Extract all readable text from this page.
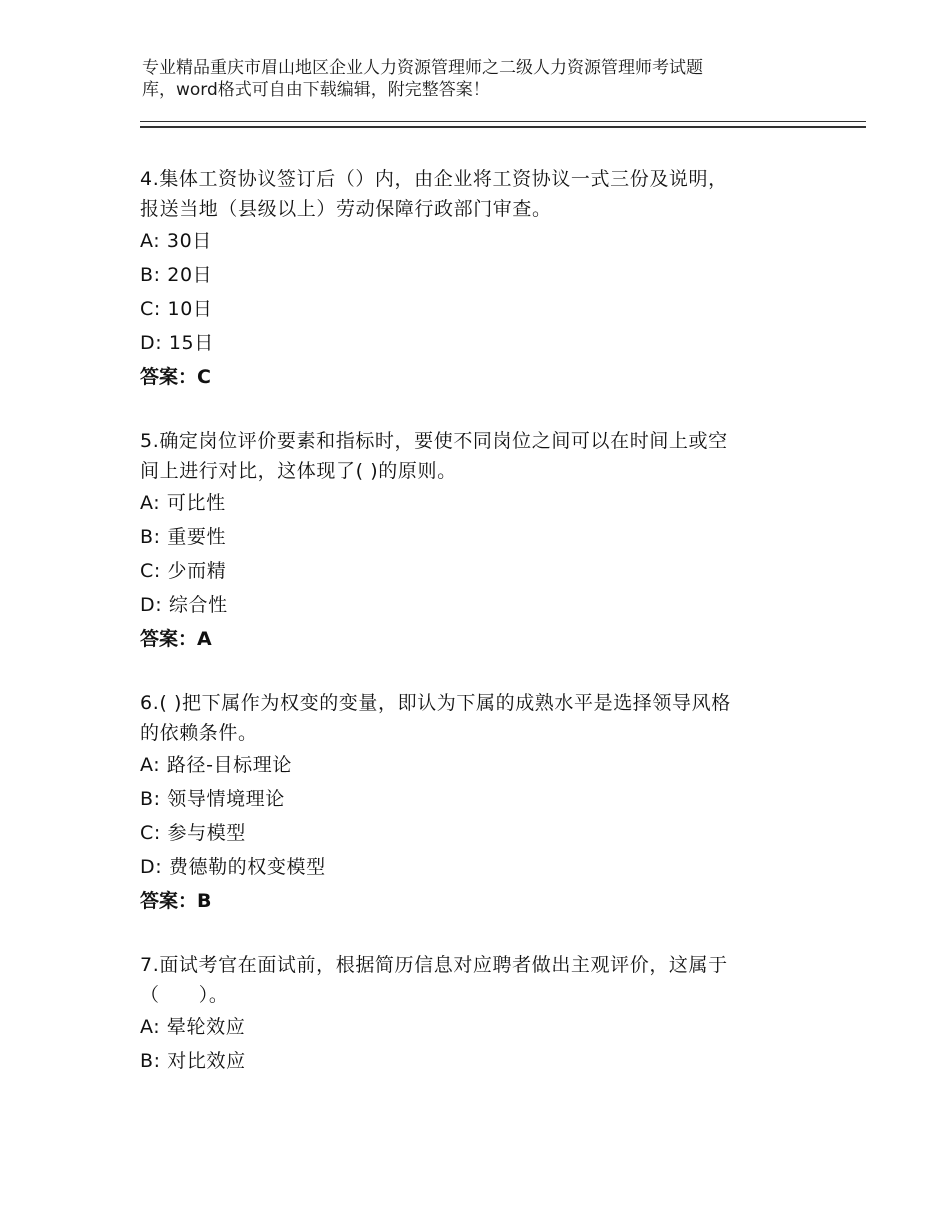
专业精品重庆市眉山地区企业人力资源管理师之二级人力资源管理师考试题
库，word格式可自由下载编辑，附完整答案！
4.集体工资协议签订后（）内，由企业将工资协议一式三份及说明，
报送当地（县级以上）劳动保障行政部门审查。
A: 30日
B: 20日
C: 10日
D: 15日
答案：C
5.确定岗位评价要素和指标时，要使不同岗位之间可以在时间上或空
间上进行对比，这体现了( )的原则。
A: 可比性
B: 重要性
C: 少而精
D: 综合性
答案：A
6.( )把下属作为权变的变量，即认为下属的成熟水平是选择领导风格
的依赖条件。
A: 路径-目标理论
B: 领导情境理论
C: 参与模型
D: 费德勒的权变模型
答案：B
7.面试考官在面试前，根据简历信息对应聘者做出主观评价，这属于
（　　）。
A: 晕轮效应
B: 对比效应
